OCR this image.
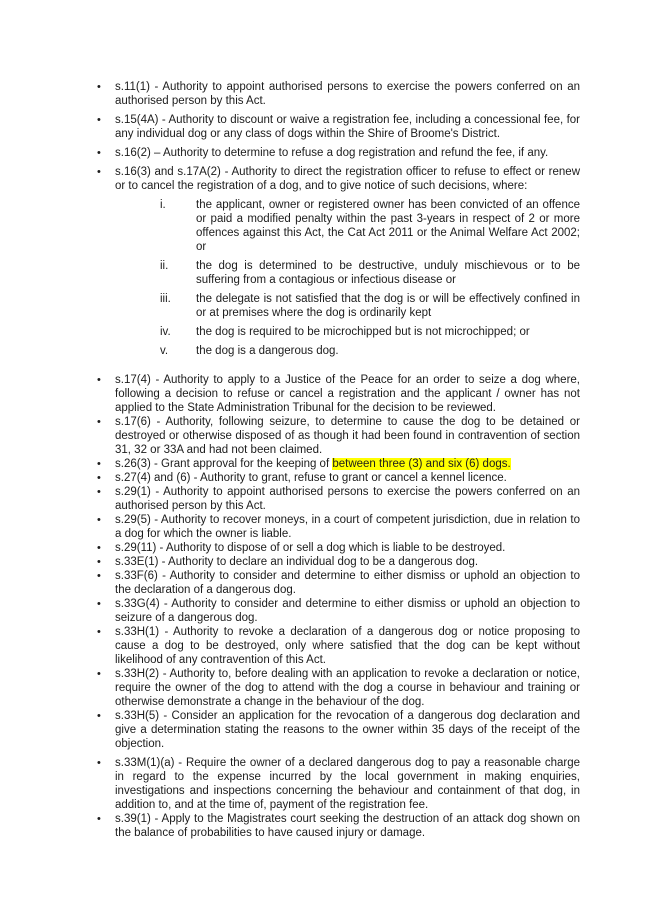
•	s.11(1) - Authority to appoint authorised persons to exercise the powers conferred on an authorised person by this Act.
•	s.15(4A) - Authority to discount or waive a registration fee, including a concessional fee, for any individual dog or any class of dogs within the Shire of Broome's District.
•	s.16(2) – Authority to determine to refuse a dog registration and refund the fee, if any.
•	s.16(3) and s.17A(2) - Authority to direct the registration officer to refuse to effect or renew or to cancel the registration of a dog, and to give notice of such decisions, where:
i.	the applicant, owner or registered owner has been convicted of an offence or paid a modified penalty within the past 3-years in respect of 2 or more offences against this Act, the Cat Act 2011 or the Animal Welfare Act 2002; or
ii.	the dog is determined to be destructive, unduly mischievous or to be suffering from a contagious or infectious disease or
iii.	the delegate is not satisfied that the dog is or will be effectively confined in or at premises where the dog is ordinarily kept
iv.	the dog is required to be microchipped but is not microchipped; or
v.	the dog is a dangerous dog.
•	s.17(4) - Authority to apply to a Justice of the Peace for an order to seize a dog where, following a decision to refuse or cancel a registration and the applicant / owner has not applied to the State Administration Tribunal for the decision to be reviewed.
•	s.17(6) - Authority, following seizure, to determine to cause the dog to be detained or destroyed or otherwise disposed of as though it had been found in contravention of section 31, 32 or 33A and had not been claimed.
•	s.26(3) - Grant approval for the keeping of between three (3) and six (6) dogs.
•	s.27(4) and (6) - Authority to grant, refuse to grant or cancel a kennel licence.
•	s.29(1) - Authority to appoint authorised persons to exercise the powers conferred on an authorised person by this Act.
•	s.29(5) - Authority to recover moneys, in a court of competent jurisdiction, due in relation to a dog for which the owner is liable.
•	s.29(11) - Authority to dispose of or sell a dog which is liable to be destroyed.
•	s.33E(1) - Authority to declare an individual dog to be a dangerous dog.
•	s.33F(6) - Authority to consider and determine to either dismiss or uphold an objection to the declaration of a dangerous dog.
•	s.33G(4) - Authority to consider and determine to either dismiss or uphold an objection to seizure of a dangerous dog.
•	s.33H(1) - Authority to revoke a declaration of a dangerous dog or notice proposing to cause a dog to be destroyed, only where satisfied that the dog can be kept without likelihood of any contravention of this Act.
•	s.33H(2) - Authority to, before dealing with an application to revoke a declaration or notice, require the owner of the dog to attend with the dog a course in behaviour and training or otherwise demonstrate a change in the behaviour of the dog.
•	s.33H(5) - Consider an application for the revocation of a dangerous dog declaration and give a determination stating the reasons to the owner within 35 days of the receipt of the objection.
•	s.33M(1)(a) - Require the owner of a declared dangerous dog to pay a reasonable charge in regard to the expense incurred by the local government in making enquiries, investigations and inspections concerning the behaviour and containment of that dog, in addition to, and at the time of, payment of the registration fee.
•	s.39(1) - Apply to the Magistrates court seeking the destruction of an attack dog shown on the balance of probabilities to have caused injury or damage.
